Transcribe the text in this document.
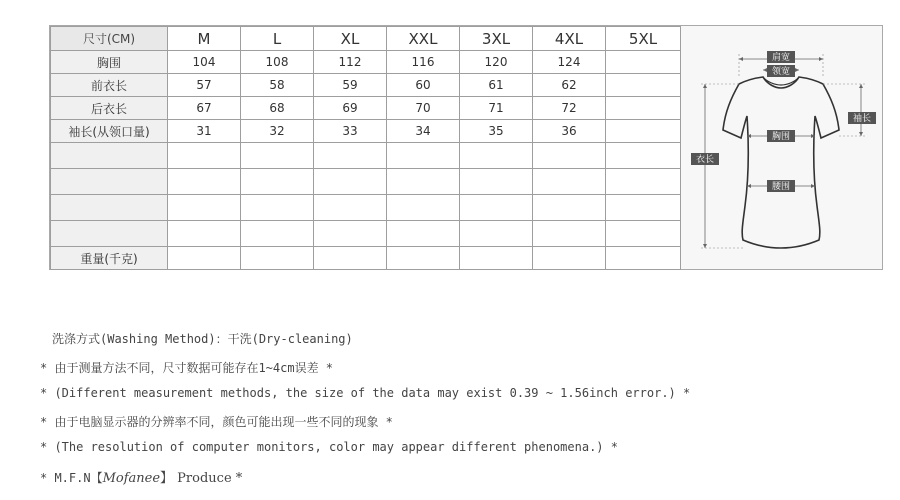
尺寸(CM)	M	L	XL	XXL	3XL	4XL	5XL
胸围	104	108	112	116	120	124	
前衣长	57	58	59	60	61	62	
后衣长	67	68	69	70	71	72	
袖长(从领口量)	31	32	33	34	35	36	

重量(千克)							
肩宽
领宽
袖长
胸围
衣长
腰围
洗涤方式(Washing Method)：干洗(Dry-cleaning)
* 由于测量方法不同，尺寸数据可能存在1~4cm误差 *
* (Different measurement methods, the size of the data may exist 0.39 ~ 1.56inch error.) *
* 由于电脑显示器的分辨率不同，颜色可能出现一些不同的现象 *
* (The resolution of computer monitors, color may appear different phenomena.) *
* M.F.N【Mofanee】 Produce *
